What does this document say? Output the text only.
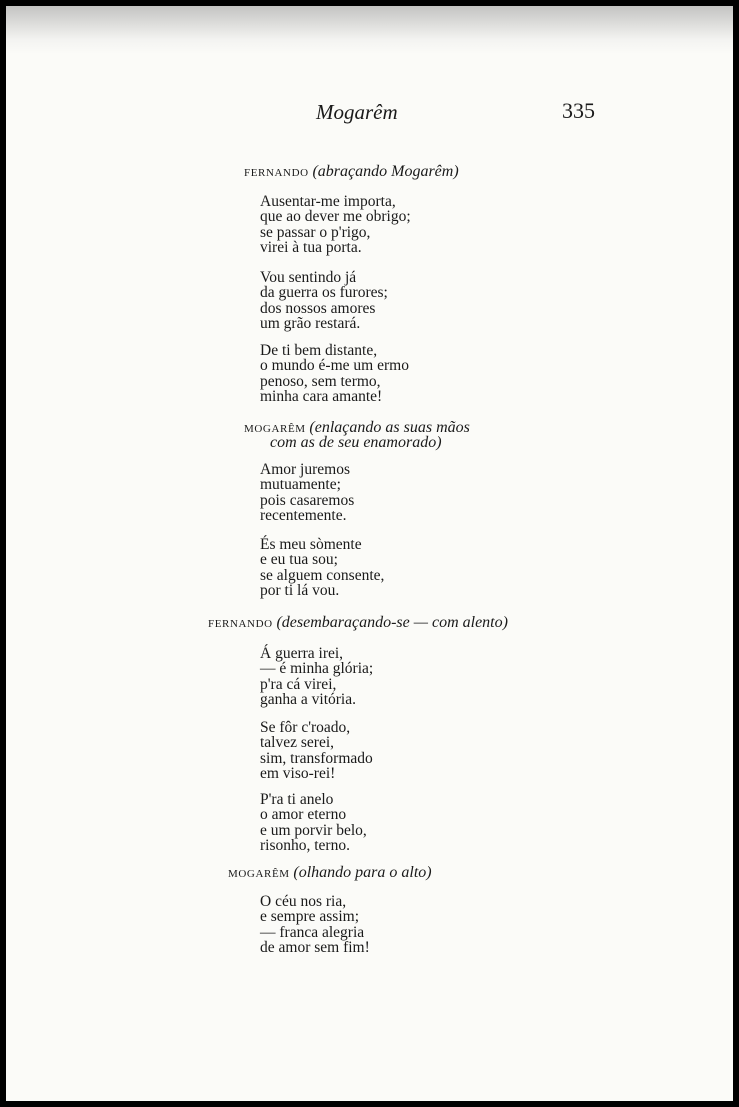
Mogarêm	335
FERNANDO (abraçando Mogarêm)
Ausentar-me importa,
que ao dever me obrigo;
se passar o p'rigo,
virei à tua porta.
Vou sentindo já
da guerra os furores;
dos nossos amores
um grão restará.
De ti bem distante,
o mundo é-me um ermo
penoso, sem termo,
minha cara amante!
MOGARÊM (enlaçando as suas mãos
com as de seu enamorado)
Amor juremos
mutuamente;
pois casaremos
recentemente.
És meu sòmente
e eu tua sou;
se alguem consente,
por ti lá vou.
FERNANDO (desembaraçando-se — com alento)
Á guerra irei,
— é minha glória;
p'ra cá virei,
ganha a vitória.
Se fôr c'roado,
talvez serei,
sim, transformado
em viso-rei!
P'ra ti anelo
o amor eterno
e um porvir belo,
risonho, terno.
MOGARÊM (olhando para o alto)
O céu nos ria,
e sempre assim;
— franca alegria
de amor sem fim!
